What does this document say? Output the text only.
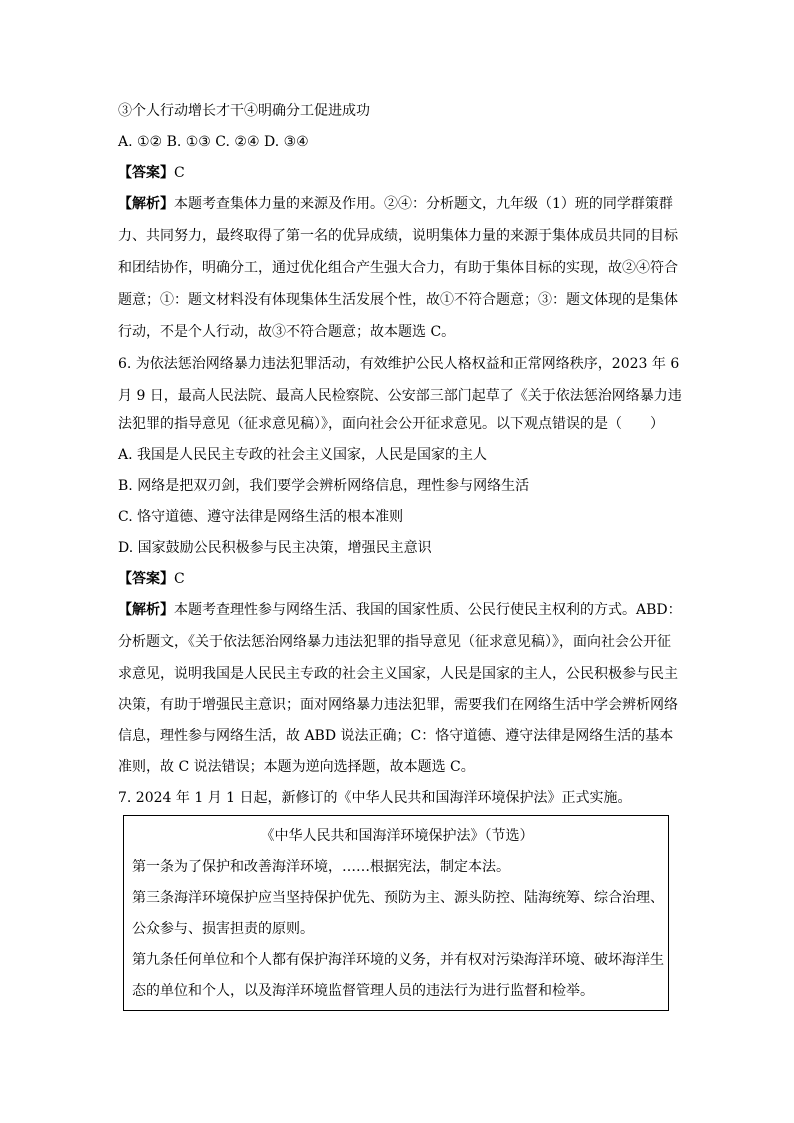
③个人行动增长才干④明确分工促进成功
A. ①② B. ①③ C. ②④ D. ③④
【答案】C
【解析】本题考查集体力量的来源及作用。②④：分析题文，九年级（1）班的同学群策群
力、共同努力，最终取得了第一名的优异成绩，说明集体力量的来源于集体成员共同的目标
和团结协作，明确分工，通过优化组合产生强大合力，有助于集体目标的实现，故②④符合
题意；①：题文材料没有体现集体生活发展个性，故①不符合题意；③：题文体现的是集体
行动，不是个人行动，故③不符合题意；故本题选 C。
6. 为依法惩治网络暴力违法犯罪活动，有效维护公民人格权益和正常网络秩序，2023 年 6
月 9 日，最高人民法院、最高人民检察院、公安部三部门起草了《关于依法惩治网络暴力违
法犯罪的指导意见（征求意见稿）》，面向社会公开征求意见。以下观点错误的是（　　）
A. 我国是人民民主专政的社会主义国家，人民是国家的主人
B. 网络是把双刃剑，我们要学会辨析网络信息，理性参与网络生活
C. 恪守道德、遵守法律是网络生活的根本准则
D. 国家鼓励公民积极参与民主决策，增强民主意识
【答案】C
【解析】本题考查理性参与网络生活、我国的国家性质、公民行使民主权利的方式。ABD：
分析题文，《关于依法惩治网络暴力违法犯罪的指导意见（征求意见稿）》，面向社会公开征
求意见，说明我国是人民民主专政的社会主义国家，人民是国家的主人，公民积极参与民主
决策，有助于增强民主意识；面对网络暴力违法犯罪，需要我们在网络生活中学会辨析网络
信息，理性参与网络生活，故 ABD 说法正确；C：恪守道德、遵守法律是网络生活的基本
准则，故 C 说法错误；本题为逆向选择题，故本题选 C。
7. 2024 年 1 月 1 日起，新修订的《中华人民共和国海洋环境保护法》正式实施。
《中华人民共和国海洋环境保护法》（节选）
第一条为了保护和改善海洋环境，……根据宪法，制定本法。
第三条海洋环境保护应当坚持保护优先、预防为主、源头防控、陆海统筹、综合治理、
公众参与、损害担责的原则。
第九条任何单位和个人都有保护海洋环境的义务，并有权对污染海洋环境、破坏海洋生
态的单位和个人，以及海洋环境监督管理人员的违法行为进行监督和检举。
